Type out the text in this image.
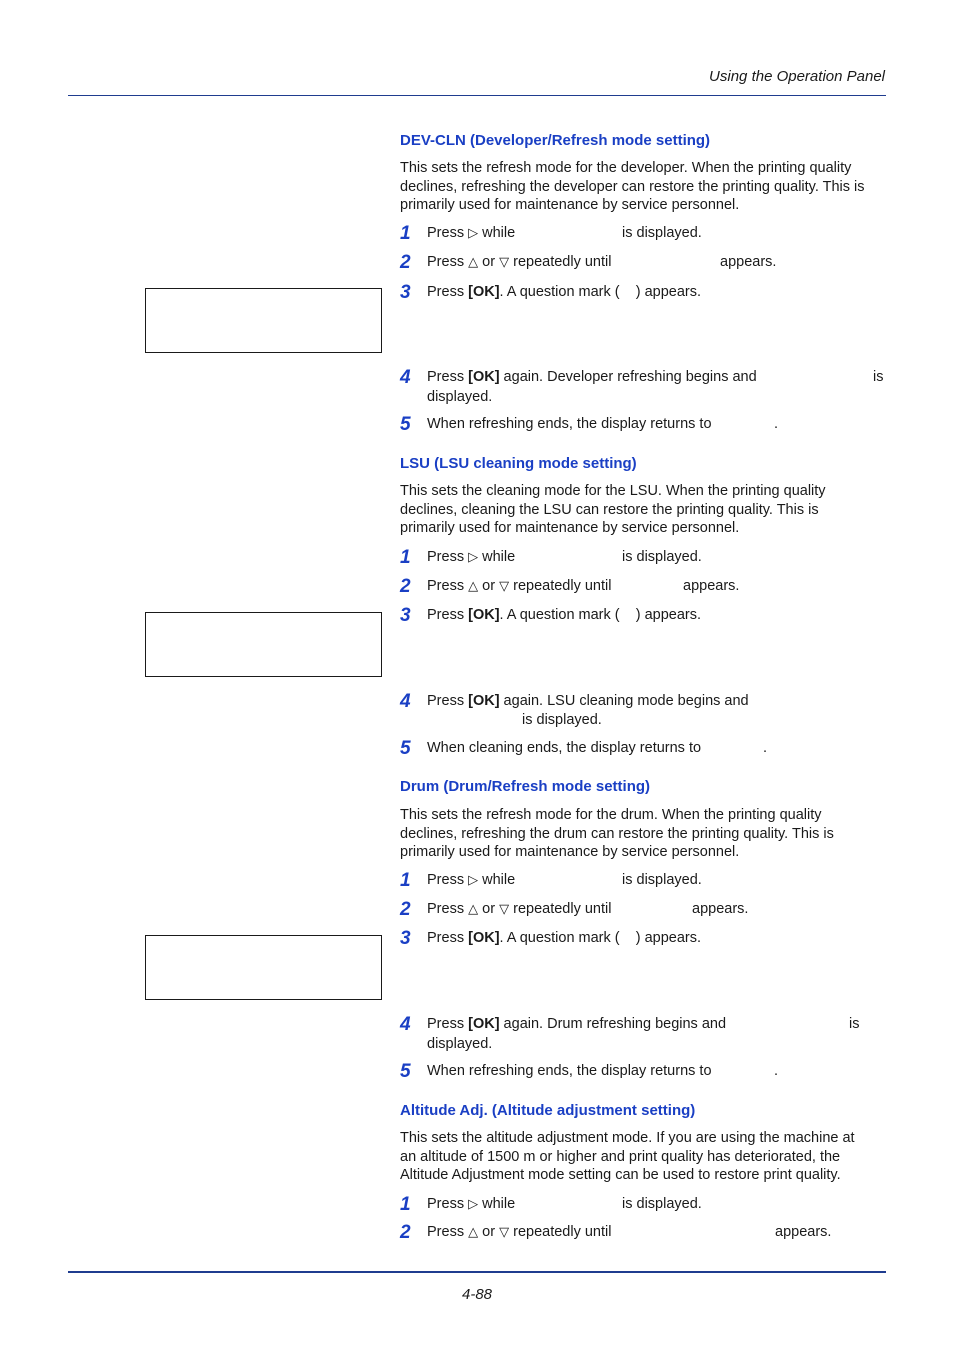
Using the Operation Panel
DEV-CLN (Developer/Refresh mode setting)
This sets the refresh mode for the developer. When the printing quality
declines, refreshing the developer can restore the printing quality. This is
primarily used for maintenance by service personnel.
1 Press ▷ while	is displayed.
2 Press △ or ▽ repeatedly until	appears.
3 Press [OK]. A question mark (    ) appears.
4 Press [OK] again. Developer refreshing begins and	is
displayed.
5 When refreshing ends, the display returns to	.
LSU (LSU cleaning mode setting)
This sets the cleaning mode for the LSU. When the printing quality
declines, cleaning the LSU can restore the printing quality. This is
primarily used for maintenance by service personnel.
1 Press ▷ while	is displayed.
2 Press △ or ▽ repeatedly until	appears.
3 Press [OK]. A question mark (    ) appears.
4 Press [OK] again. LSU cleaning mode begins and
is displayed.
5 When cleaning ends, the display returns to	.
Drum (Drum/Refresh mode setting)
This sets the refresh mode for the drum. When the printing quality
declines, refreshing the drum can restore the printing quality. This is
primarily used for maintenance by service personnel.
1 Press ▷ while	is displayed.
2 Press △ or ▽ repeatedly until	appears.
3 Press [OK]. A question mark (    ) appears.
4 Press [OK] again. Drum refreshing begins and	is
displayed.
5 When refreshing ends, the display returns to	.
Altitude Adj. (Altitude adjustment setting)
This sets the altitude adjustment mode. If you are using the machine at
an altitude of 1500 m or higher and print quality has deteriorated, the
Altitude Adjustment mode setting can be used to restore print quality.
1 Press ▷ while	is displayed.
2 Press △ or ▽ repeatedly until	appears.
4-88
